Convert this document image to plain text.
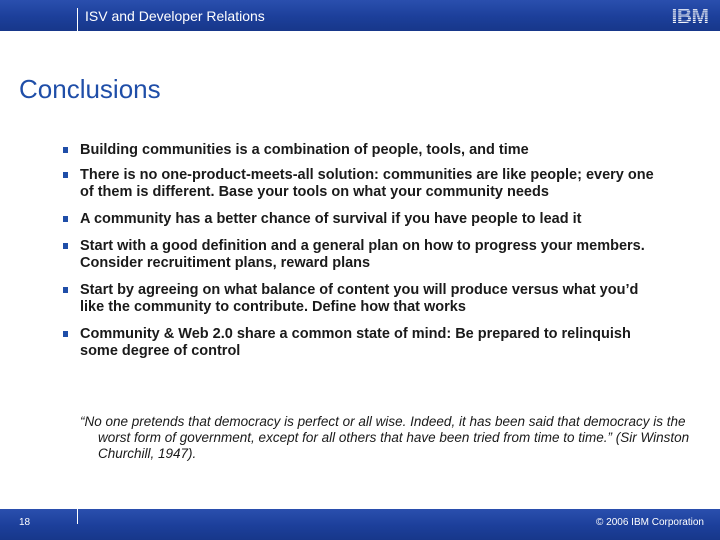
ISV and Developer Relations	IBM
Conclusions
Building communities is a combination of people, tools, and time
There is no one-product-meets-all solution: communities are like people; every one of them is different. Base your tools on what your community needs
A community has a better chance of survival if you have people to lead it
Start with a good definition and a general plan on how to progress your members. Consider recruitiment plans, reward plans
Start by agreeing on what balance of content you will produce versus what you’d like the community to contribute. Define how that works
Community & Web 2.0 share a common state of mind: Be prepared to relinquish some degree of control
“No one pretends that democracy is perfect or all wise. Indeed, it has been said that democracy is the worst form of government, except for all others that have been tried from time to time.” (Sir Winston Churchill, 1947).
18	© 2006 IBM Corporation
